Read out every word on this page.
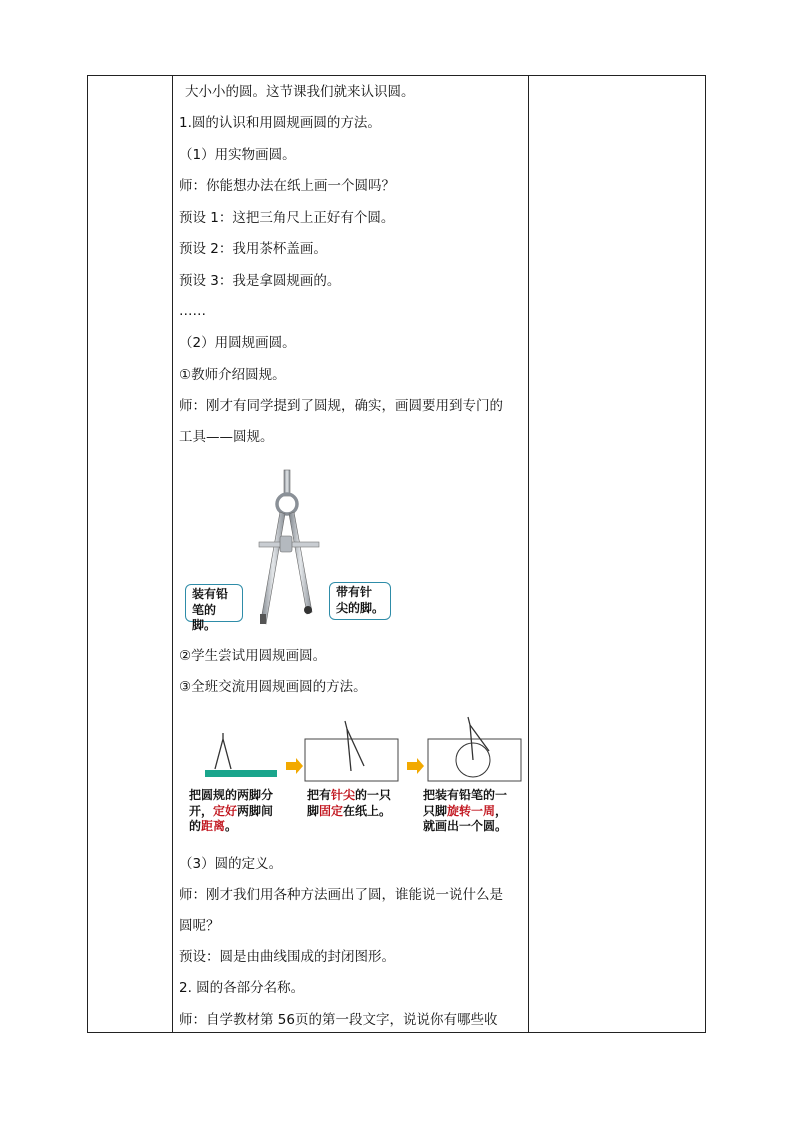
大小小的圆。这节课我们就来认识圆。
1.圆的认识和用圆规画圆的方法。
（1）用实物画圆。
师：你能想办法在纸上画一个圆吗？
预设 1：这把三角尺上正好有个圆。
预设 2：我用茶杯盖画。
预设 3：我是拿圆规画的。
……
（2）用圆规画圆。
①教师介绍圆规。
师：刚才有同学提到了圆规，确实，画圆要用到专门的
工具——圆规。
装有铅
笔的脚。
带有针
尖的脚。
②学生尝试用圆规画圆。
③全班交流用圆规画圆的方法。
把圆规的两脚分
开，定好两脚间
的距离。
把有针尖的一只
脚固定在纸上。
把装有铅笔的一
只脚旋转一周，
就画出一个圆。
（3）圆的定义。
师：刚才我们用各种方法画出了圆，谁能说一说什么是
圆呢？
预设：圆是由曲线围成的封闭图形。
2. 圆的各部分名称。
师：自学教材第 56页的第一段文字，说说你有哪些收
